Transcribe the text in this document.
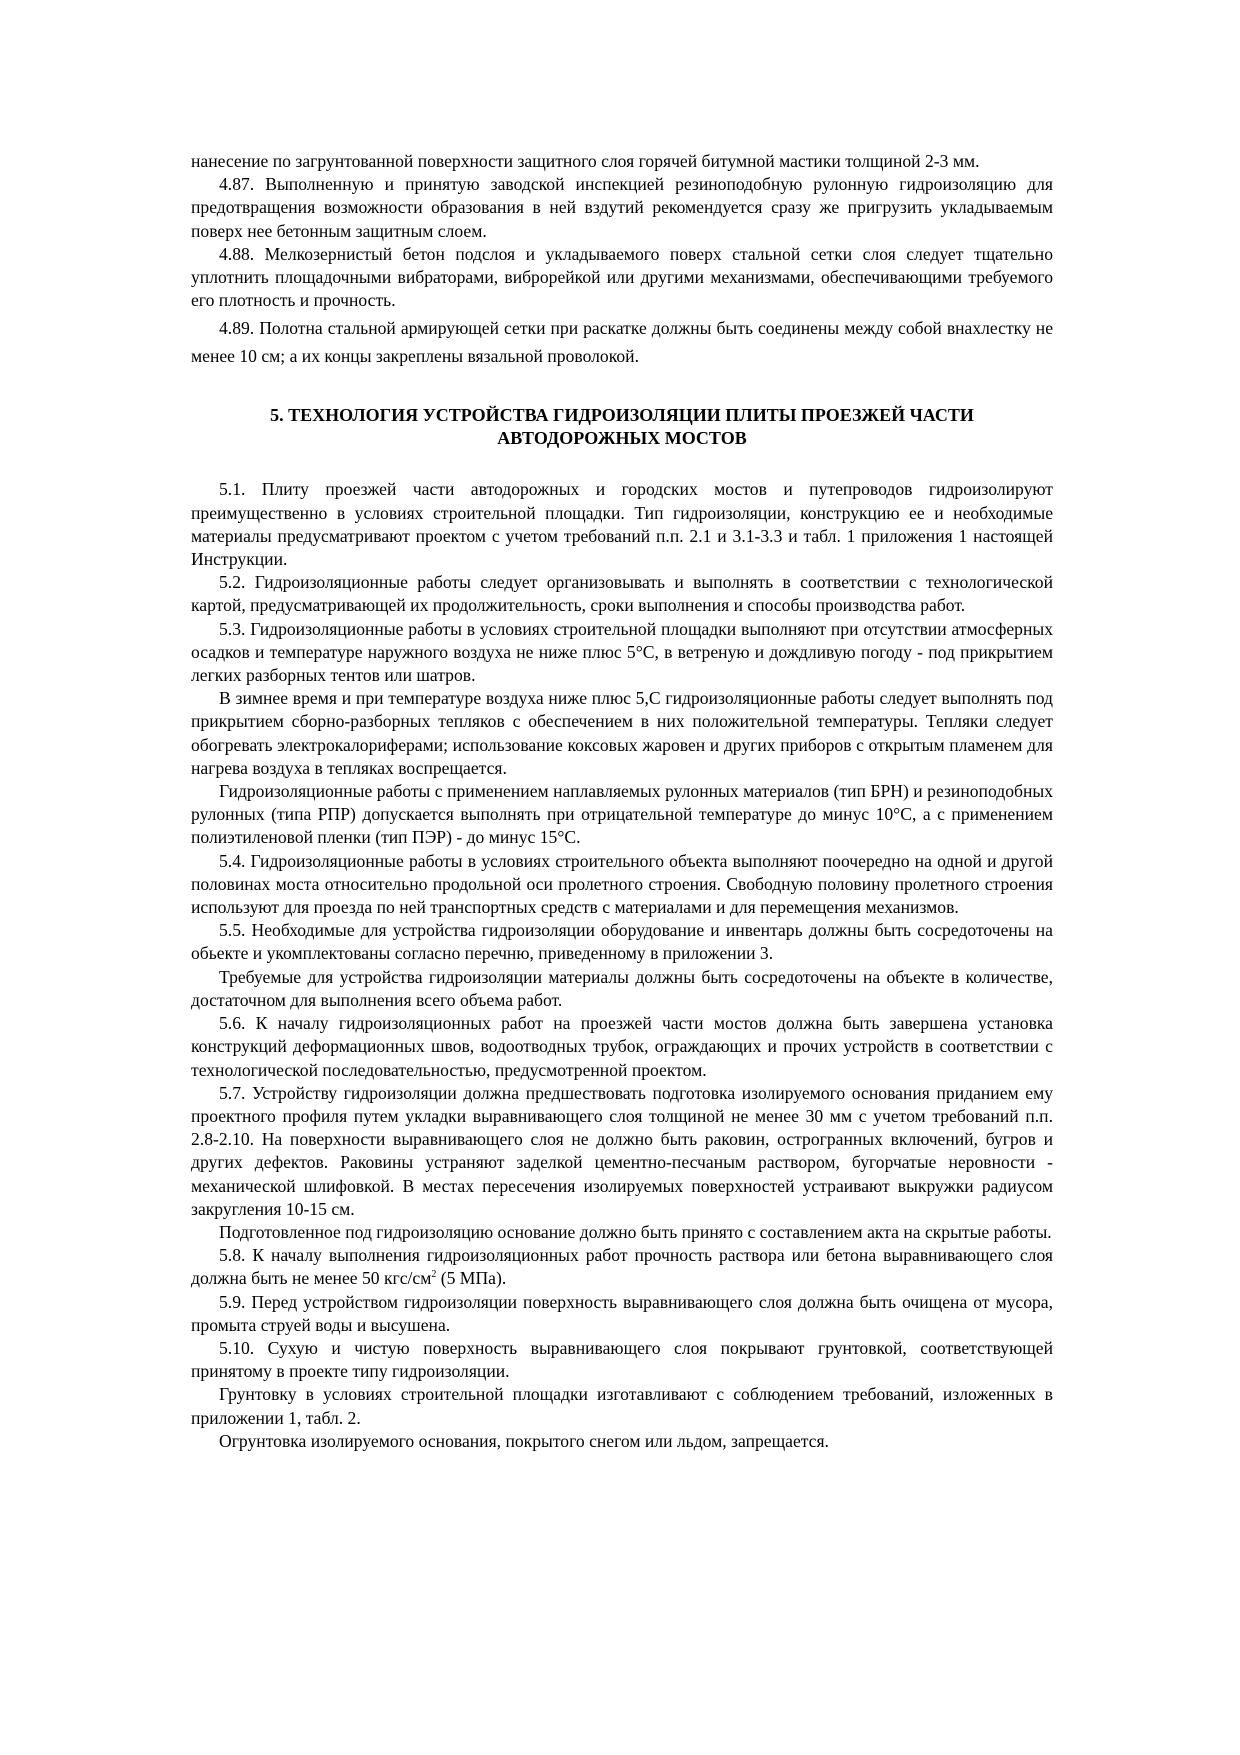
нанесение по загрунтованной поверхности защитного слоя горячей битумной мастики толщиной 2-3 мм.

4.87. Выполненную и принятую заводской инспекцией резиноподобную рулонную гидроизоляцию для предотвращения возможности образования в ней вздутий рекомендуется сразу же пригрузить укладываемым поверх нее бетонным защитным слоем.

4.88. Мелкозернистый бетон подслоя и укладываемого поверх стальной сетки слоя следует тщательно уплотнить площадочными вибраторами, виброрейкой или другими механизмами, обеспечивающими требуемого его плотность и прочность.

4.89. Полотна стальной армирующей сетки при раскатке должны быть соединены между собой внахлестку не менее 10 см; а их концы закреплены вязальной проволокой.

5. ТЕХНОЛОГИЯ УСТРОЙСТВА ГИДРОИЗОЛЯЦИИ ПЛИТЫ ПРОЕЗЖЕЙ ЧАСТИ АВТОДОРОЖНЫХ МОСТОВ

5.1. Плиту проезжей части автодорожных и городских мостов и путепроводов гидроизолируют преимущественно в условиях строительной площадки. Тип гидроизоляции, конструкцию ее и необходимые материалы предусматривают проектом с учетом требований п.п. 2.1 и 3.1-3.3 и табл. 1 приложения 1 настоящей Инструкции.

5.2. Гидроизоляционные работы следует организовывать и выполнять в соответствии с технологической картой, предусматривающей их продолжительность, сроки выполнения и способы производства работ.

5.3. Гидроизоляционные работы в условиях строительной площадки выполняют при отсутствии атмосферных осадков и температуре наружного воздуха не ниже плюс 5°С, в ветреную и дождливую погоду - под прикрытием легких разборных тентов или шатров.

В зимнее время и при температуре воздуха ниже плюс 5,С гидроизоляционные работы следует выполнять под прикрытием сборно-разборных тепляков с обеспечением в них положительной температуры. Тепляки следует обогревать электрокалориферами; использование коксовых жаровен и других приборов с открытым пламенем для нагрева воздуха в тепляках воспрещается.

Гидроизоляционные работы с применением наплавляемых рулонных материалов (тип БРН) и резиноподобных рулонных (типа РПР) допускается выполнять при отрицательной температуре до минус 10°С, а с применением полиэтиленовой пленки (тип ПЭР) - до минус 15°С.

5.4. Гидроизоляционные работы в условиях строительного объекта выполняют поочередно на одной и другой половинах моста относительно продольной оси пролетного строения. Свободную половину пролетного строения используют для проезда по ней транспортных средств с материалами и для перемещения механизмов.

5.5. Необходимые для устройства гидроизоляции оборудование и инвентарь должны быть сосредоточены на обьекте и укомплектованы согласно перечню, приведенному в приложении 3.

Требуемые для устройства гидроизоляции материалы должны быть сосредоточены на объекте в количестве, достаточном для выполнения всего объема работ.

5.6. К началу гидроизоляционных работ на проезжей части мостов должна быть завершена установка конструкций деформационных швов, водоотводных трубок, ограждающих и прочих устройств в соответствии с технологической последовательностью, предусмотренной проектом.

5.7. Устройству гидроизоляции должна предшествовать подготовка изолируемого основания приданием ему проектного профиля путем укладки выравнивающего слоя толщиной не менее 30 мм с учетом требований п.п. 2.8-2.10. На поверхности выравнивающего слоя не должно быть раковин, острогранных включений, бугров и других дефектов. Раковины устраняют заделкой цементно-песчаным раствором, бугорчатые неровности - механической шлифовкой. В местах пересечения изолируемых поверхностей устраивают выкружки радиусом закругления 10-15 см.

Подготовленное под гидроизоляцию основание должно быть принято с составлением акта на скрытые работы.

5.8. К началу выполнения гидроизоляционных работ прочность раствора или бетона выравнивающего слоя должна быть не менее 50 кгс/$см^2$ (5 МПа).

5.9. Перед устройством гидроизоляции поверхность выравнивающего слоя должна быть очищена от мусора, промыта струей воды и высушена.

5.10. Сухую и чистую поверхность выравнивающего слоя покрывают грунтовкой, соответствующей принятому в проекте типу гидроизоляции.

Грунтовку в условиях строительной площадки изготавливают с соблюдением требований, изложенных в приложении 1, табл. 2.

Огрунтовка изолируемого основания, покрытого снегом или льдом, запрещается.
